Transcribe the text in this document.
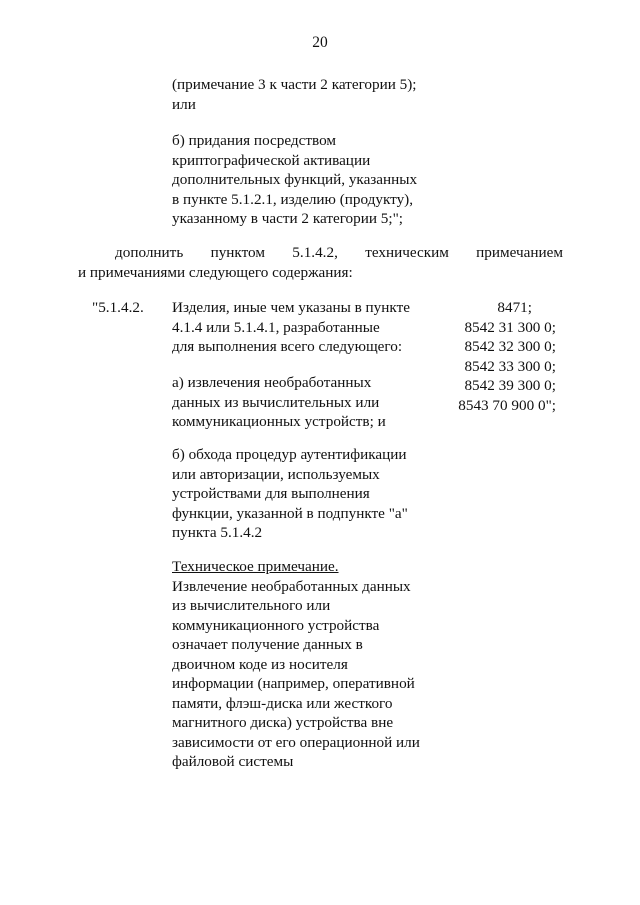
20
(примечание 3 к части 2 категории 5);
или
б) придания посредством
криптографической активации
дополнительных функций, указанных
в пункте 5.1.2.1, изделию (продукту),
указанному в части 2 категории 5;";
дополнить пунктом 5.1.4.2, техническим примечанием
и примечаниями следующего содержания:
"5.1.4.2. Изделия, иные чем указаны в пункте
4.1.4 или 5.1.4.1, разработанные
для выполнения всего следующего:
а) извлечения необработанных
данных из вычислительных или
коммуникационных устройств; и
б) обхода процедур аутентификации
или авторизации, используемых
устройствами для выполнения
функции, указанной в подпункте "а"
пункта 5.1.4.2
Техническое примечание.
Извлечение необработанных данных
из вычислительного или
коммуникационного устройства
означает получение данных в
двоичном коде из носителя
информации (например, оперативной
памяти, флэш-диска или жесткого
магнитного диска) устройства вне
зависимости от его операционной или
файловой системы
8471;
8542 31 300 0;
8542 32 300 0;
8542 33 300 0;
8542 39 300 0;
8543 70 900 0";
